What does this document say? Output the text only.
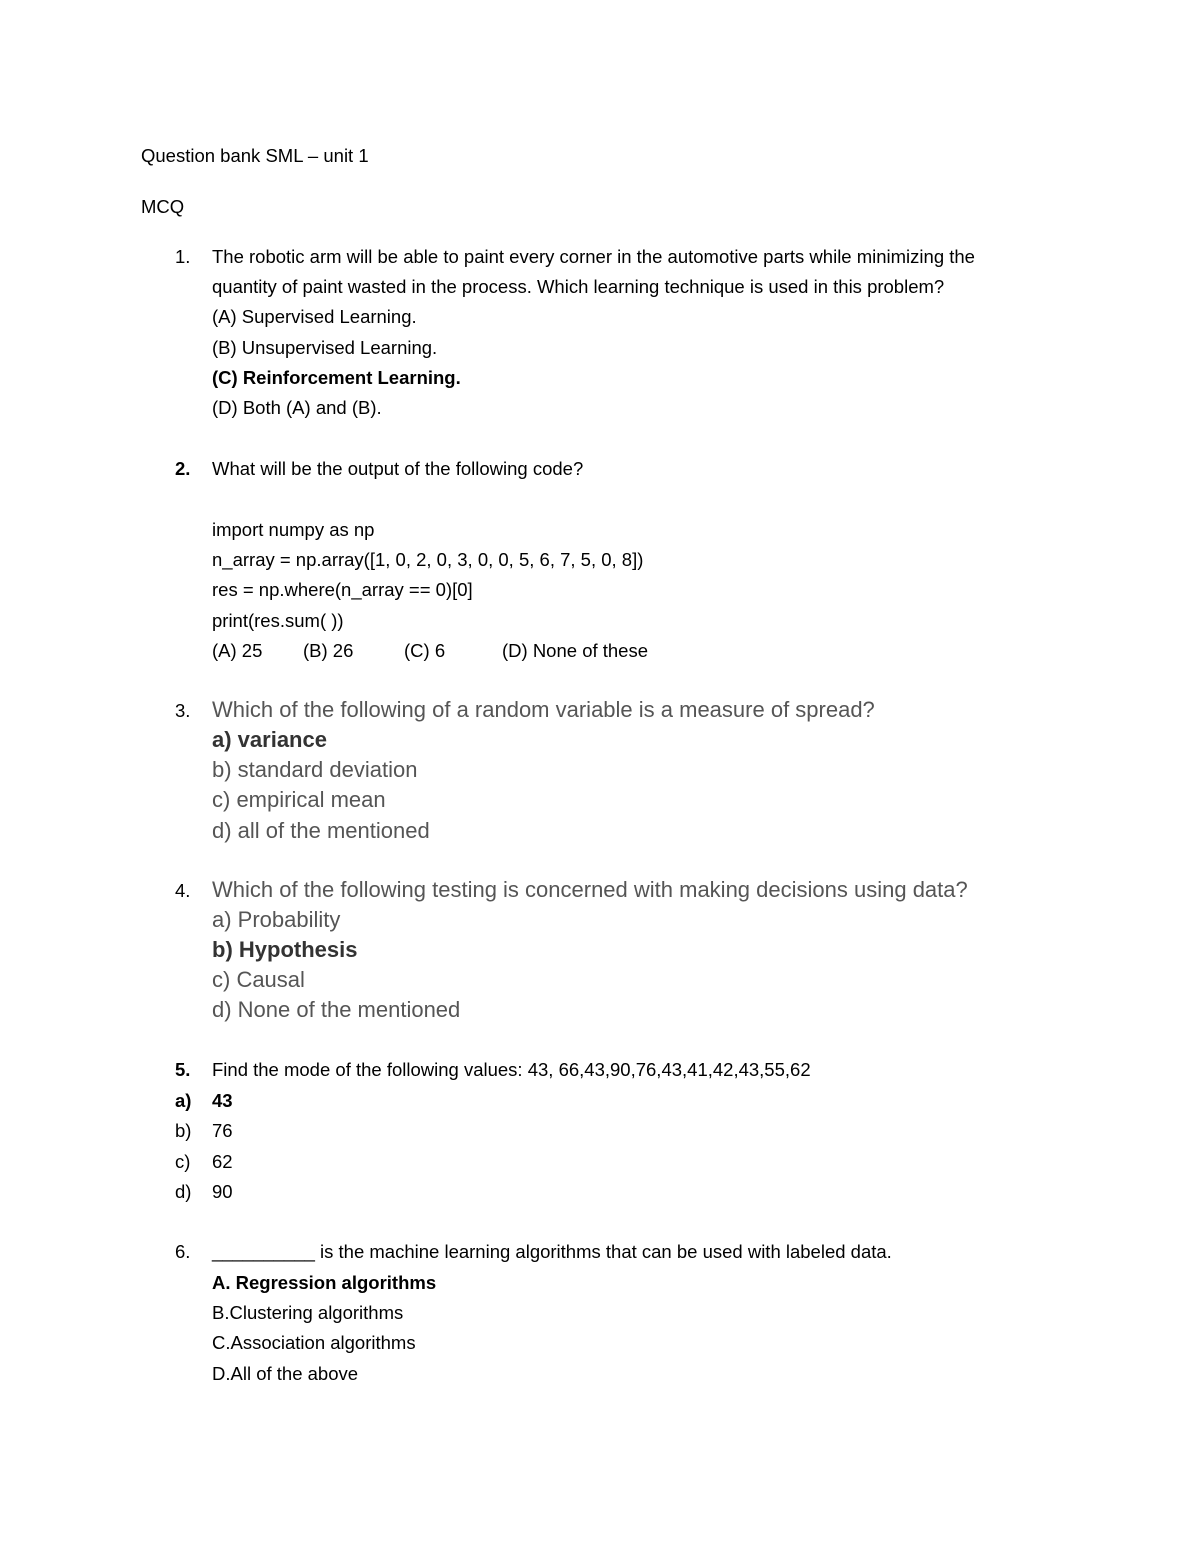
Question bank SML – unit 1
MCQ
1. The robotic arm will be able to paint every corner in the automotive parts while minimizing the
quantity of paint wasted in the process. Which learning technique is used in this problem?
(A) Supervised Learning.
(B) Unsupervised Learning.
(C) Reinforcement Learning.
(D) Both (A) and (B).
2. What will be the output of the following code?
import numpy as np
n_array = np.array([1, 0, 2, 0, 3, 0, 0, 5, 6, 7, 5, 0, 8])
res = np.where(n_array == 0)[0]
print(res.sum( ))
(A) 25 (B) 26	(C) 6	(D) None of these
3. Which of the following of a random variable is a measure of spread?
a) variance
b) standard deviation
c) empirical mean
d) all of the mentioned
4. Which of the following testing is concerned with making decisions using data?
a) Probability
b) Hypothesis
c) Causal
d) None of the mentioned
5. Find the mode of the following values: 43, 66,43,90,76,43,41,42,43,55,62
a) 43
b) 76
c) 62
d) 90
6. __________ is the machine learning algorithms that can be used with labeled data.
A. Regression algorithms
B.Clustering algorithms
C.Association algorithms
D.All of the above
